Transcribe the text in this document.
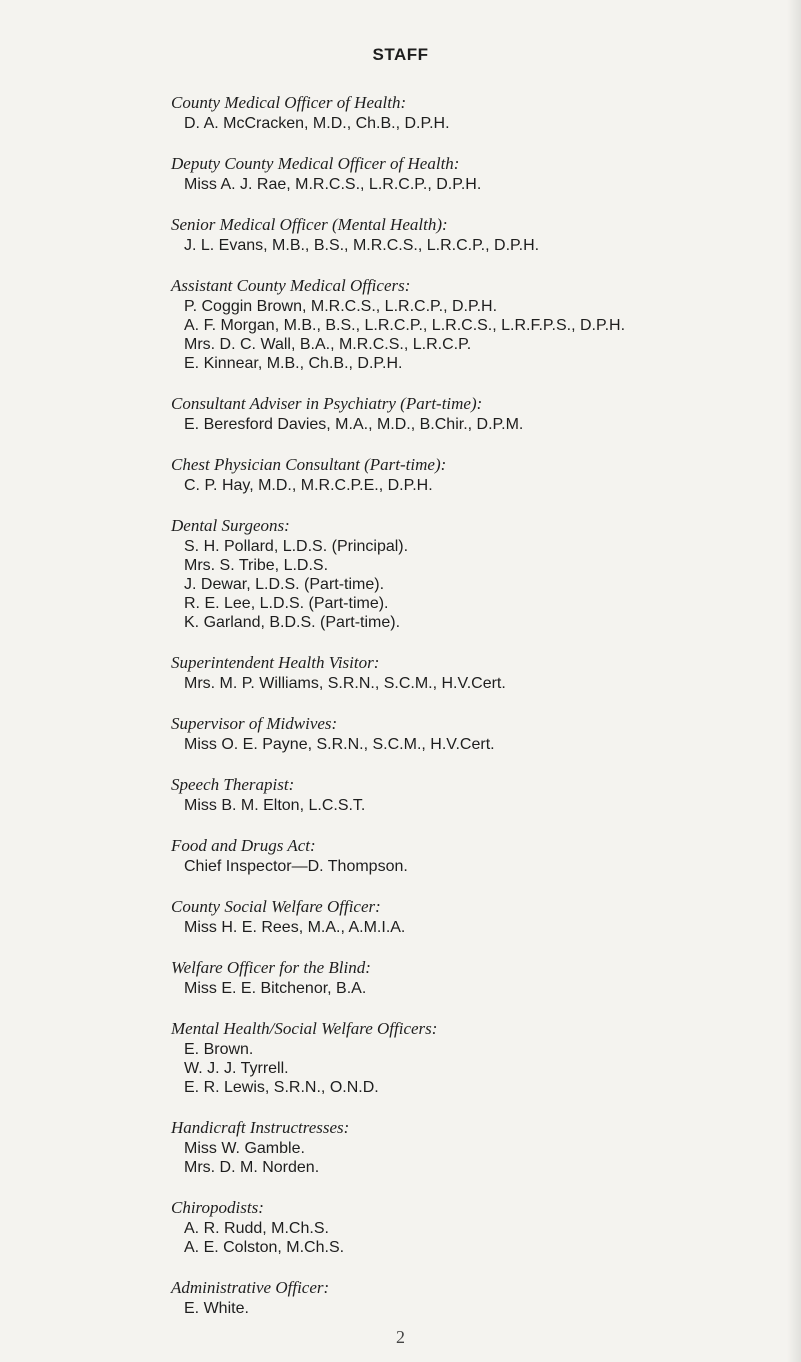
STAFF

County Medical Officer of Health:

D. A. McCracken, M.D., Ch.B., D.P.H.

Deputy County Medical Officer of Health:

Miss A. J. Rae, M.R.C.S., L.R.C.P., D.P.H.

Senior Medical Officer (Mental Health):

J. L. Evans, M.B., B.S., M.R.C.S., L.R.C.P., D.P.H.

Assistant County Medical Officers:

P. Coggin Brown, M.R.C.S., L.R.C.P., D.P.H.

A. F. Morgan, M.B., B.S., L.R.C.P., L.R.C.S., L.R.F.P.S., D.P.H.

Mrs. D. C. Wall, B.A., M.R.C.S., L.R.C.P.

E. Kinnear, M.B., Ch.B., D.P.H.

Consultant Adviser in Psychiatry (Part-time):

E. Beresford Davies, M.A., M.D., B.Chir., D.P.M.

Chest Physician Consultant (Part-time):

C. P. Hay, M.D., M.R.C.P.E., D.P.H.

Dental Surgeons:

S. H. Pollard, L.D.S. (Principal).

Mrs. S. Tribe, L.D.S.

J. Dewar, L.D.S. (Part-time).

R. E. Lee, L.D.S. (Part-time).

K. Garland, B.D.S. (Part-time).

Superintendent Health Visitor:

Mrs. M. P. Williams, S.R.N., S.C.M., H.V.Cert.

Supervisor of Midwives:

Miss O. E. Payne, S.R.N., S.C.M., H.V.Cert.

Speech Therapist:

Miss B. M. Elton, L.C.S.T.

Food and Drugs Act:

Chief Inspector—D. Thompson.

County Social Welfare Officer:

Miss H. E. Rees, M.A., A.M.I.A.

Welfare Officer for the Blind:

Miss E. E. Bitchenor, B.A.

Mental Health/Social Welfare Officers:

E. Brown.

W. J. J. Tyrrell.

E. R. Lewis, S.R.N., O.N.D.

Handicraft Instructresses:

Miss W. Gamble.

Mrs. D. M. Norden.

Chiropodists:

A. R. Rudd, M.Ch.S.

A. E. Colston, M.Ch.S.

Administrative Officer:

E. White.

2
